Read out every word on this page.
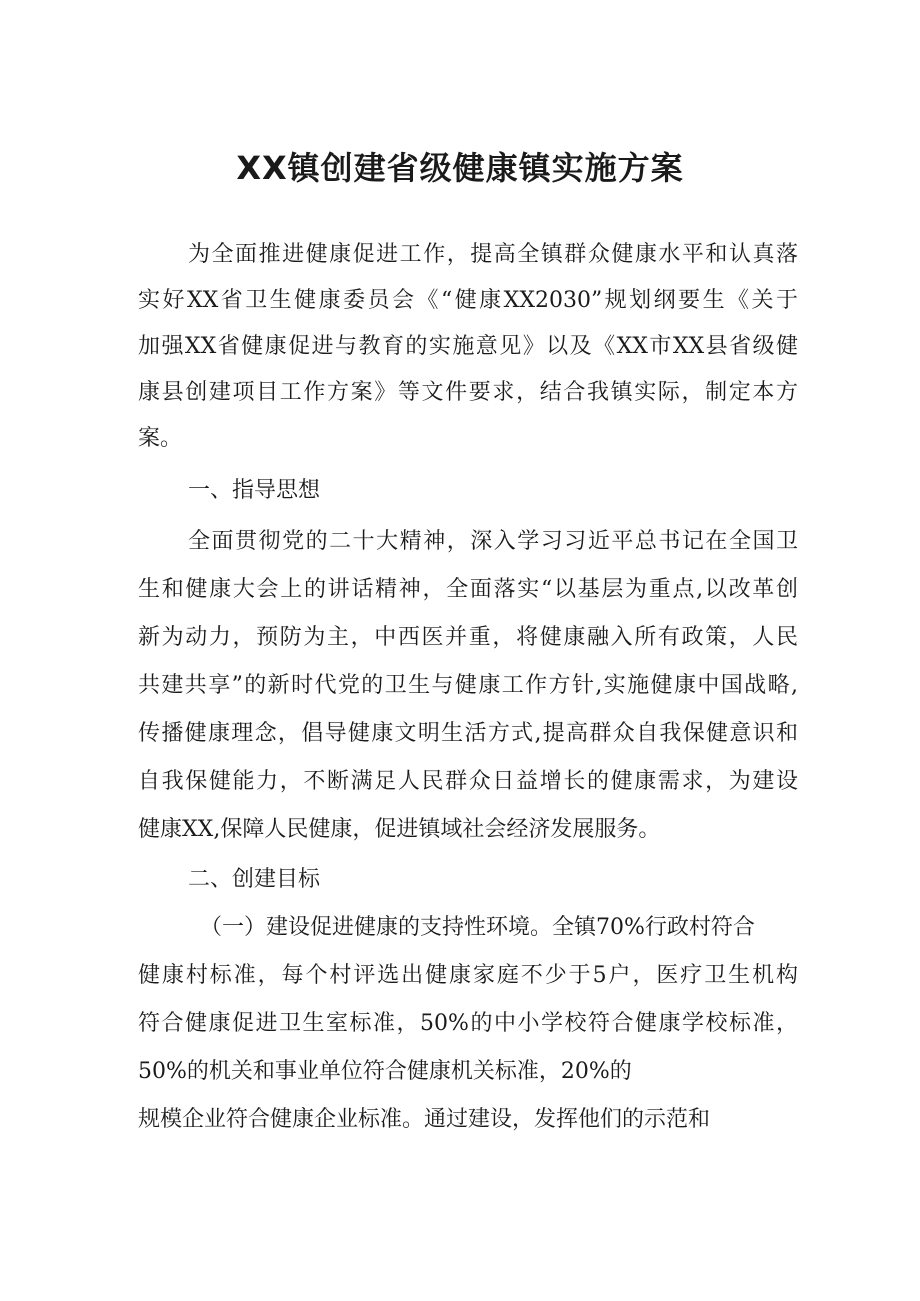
XX镇创建省级健康镇实施方案

为全面推进健康促进工作，提高全镇群众健康水平和认真落

实好XX省卫生健康委员会《“健康XX2030”规划纲要生《关于

加强XX省健康促进与教育的实施意见》以及《XX市XX县省级健

康县创建项目工作方案》等文件要求，结合我镇实际，制定本方

案。

一、指导思想

全面贯彻党的二十大精神，深入学习习近平总书记在全国卫

生和健康大会上的讲话精神，全面落实“以基层为重点,以改革创

新为动力，预防为主，中西医并重，将健康融入所有政策，人民

共建共享”的新时代党的卫生与健康工作方针,实施健康中国战略,

传播健康理念，倡导健康文明生活方式,提高群众自我保健意识和

自我保健能力，不断满足人民群众日益增长的健康需求，为建设

健康XX,保障人民健康，促进镇域社会经济发展服务。

二、创建目标

（一）建设促进健康的支持性环境。全镇70%行政村符合

健康村标准，每个村评选出健康家庭不少于5户，医疗卫生机构

符合健康促进卫生室标准，50%的中小学校符合健康学校标准，

50%的机关和事业单位符合健康机关标准，20%的

规模企业符合健康企业标准。通过建设，发挥他们的示范和
